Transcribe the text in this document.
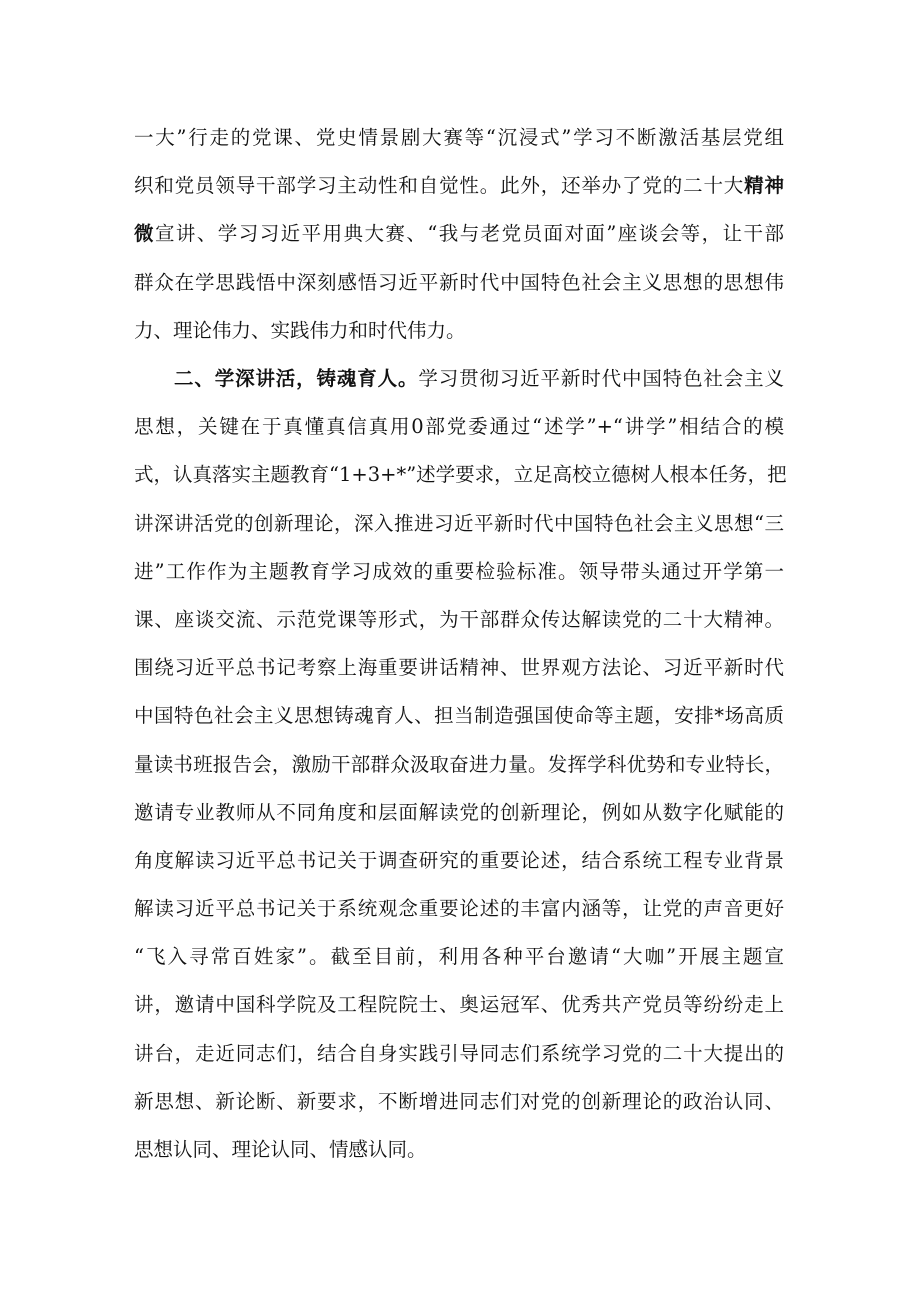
一大”行走的党课、党史情景剧大赛等“沉浸式”学习不断激活基层党组
织和党员领导干部学习主动性和自觉性。此外，还举办了党的二十大精神
微宣讲、学习习近平用典大赛、“我与老党员面对面”座谈会等，让干部
群众在学思践悟中深刻感悟习近平新时代中国特色社会主义思想的思想伟
力、理论伟力、实践伟力和时代伟力。
二、学深讲活，铸魂育人。学习贯彻习近平新时代中国特色社会主义
思想，关键在于真懂真信真用0部党委通过“述学”+“讲学”相结合的模
式，认真落实主题教育“1+3+*”述学要求，立足高校立德树人根本任务，把
讲深讲活党的创新理论，深入推进习近平新时代中国特色社会主义思想“三
进”工作作为主题教育学习成效的重要检验标准。领导带头通过开学第一
课、座谈交流、示范党课等形式，为干部群众传达解读党的二十大精神。
围绕习近平总书记考察上海重要讲话精神、世界观方法论、习近平新时代
中国特色社会主义思想铸魂育人、担当制造强国使命等主题，安排*场高质
量读书班报告会，激励干部群众汲取奋进力量。发挥学科优势和专业特长，
邀请专业教师从不同角度和层面解读党的创新理论，例如从数字化赋能的
角度解读习近平总书记关于调查研究的重要论述，结合系统工程专业背景
解读习近平总书记关于系统观念重要论述的丰富内涵等，让党的声音更好
“飞入寻常百姓家”。截至目前，利用各种平台邀请“大咖”开展主题宣
讲，邀请中国科学院及工程院院士、奥运冠军、优秀共产党员等纷纷走上
讲台，走近同志们，结合自身实践引导同志们系统学习党的二十大提出的
新思想、新论断、新要求，不断增进同志们对党的创新理论的政治认同、
思想认同、理论认同、情感认同。
